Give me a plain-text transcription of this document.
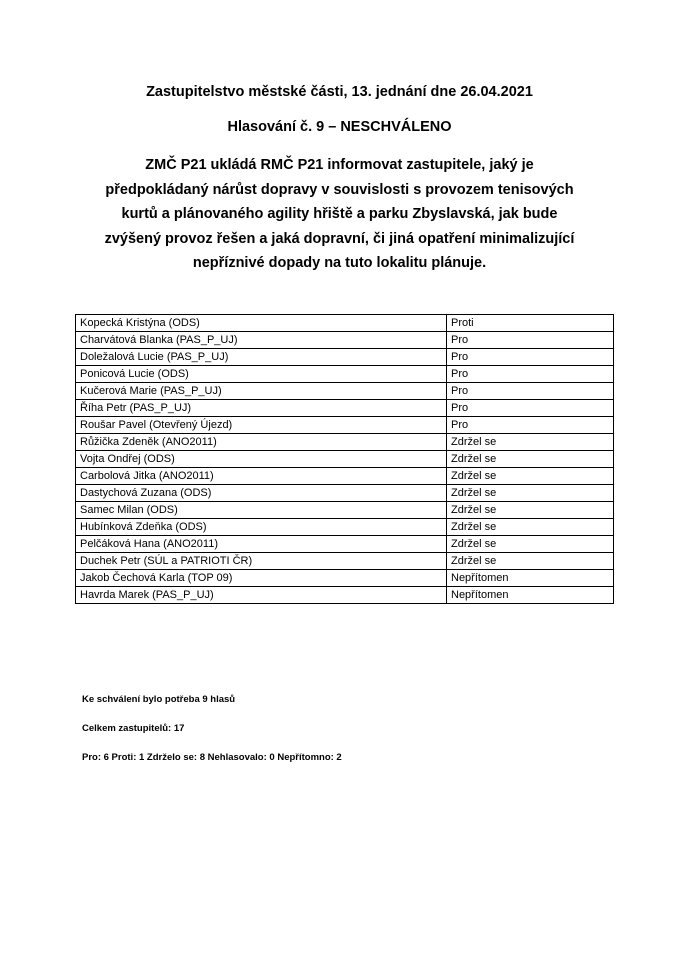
Zastupitelstvo městské části, 13. jednání dne 26.04.2021
Hlasování č. 9 – NESCHVÁLENO
ZMČ P21 ukládá RMČ P21 informovat zastupitele, jaký je
předpokládaný nárůst dopravy v souvislosti s provozem tenisových
kurtů a plánovaného agility hřiště a parku Zbyslavská, jak bude
zvýšený provoz řešen a jaká dopravní, či jiná opatření minimalizující
nepříznivé dopady na tuto lokalitu plánuje.
Kopecká Kristýna (ODS)	Proti
Charvátová Blanka (PAS_P_UJ)	Pro
Doležalová Lucie (PAS_P_UJ)	Pro
Ponicová Lucie (ODS)	Pro
Kučerová Marie (PAS_P_UJ)	Pro
Říha Petr (PAS_P_UJ)	Pro
Roušar Pavel (Otevřený Újezd)	Pro
Růžička Zdeněk (ANO2011)	Zdržel se
Vojta Ondřej (ODS)	Zdržel se
Carbolová Jitka (ANO2011)	Zdržel se
Dastychová Zuzana (ODS)	Zdržel se
Samec Milan (ODS)	Zdržel se
Hubínková Zdeňka (ODS)	Zdržel se
Pelčáková Hana (ANO2011)	Zdržel se
Duchek Petr (SÚL a PATRIOTI ČR)	Zdržel se
Jakob Čechová Karla (TOP 09)	Nepřítomen
Havrda Marek (PAS_P_UJ)	Nepřítomen
Ke schválení bylo potřeba 9 hlasů
Celkem zastupitelů: 17
Pro: 6 Proti: 1 Zdrželo se: 8 Nehlasovalo: 0 Nepřítomno: 2
